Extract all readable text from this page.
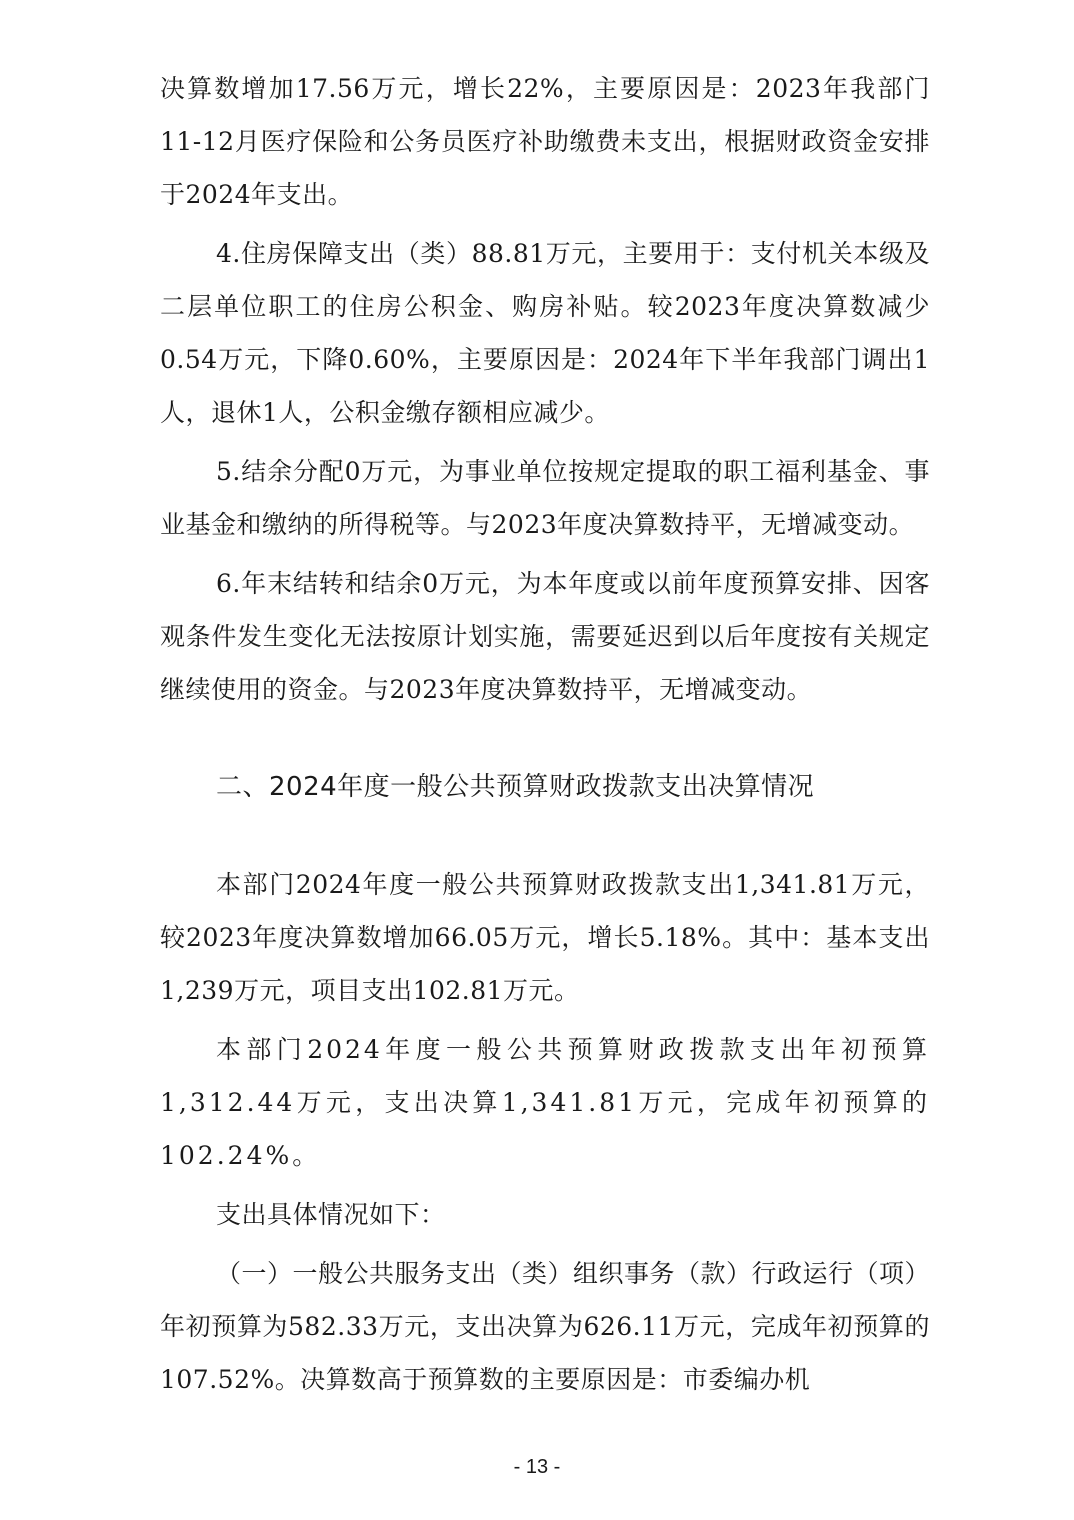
决算数增加17.56万元，增长22%，主要原因是：2023年我部门11-12月医疗保险和公务员医疗补助缴费未支出，根据财政资金安排于2024年支出。

4.住房保障支出（类）88.81万元，主要用于：支付机关本级及二层单位职工的住房公积金、购房补贴。较2023年度决算数减少0.54万元，下降0.60%，主要原因是：2024年下半年我部门调出1人，退休1人，公积金缴存额相应减少。

5.结余分配0万元，为事业单位按规定提取的职工福利基金、事业基金和缴纳的所得税等。与2023年度决算数持平，无增减变动。

6.年末结转和结余0万元，为本年度或以前年度预算安排、因客观条件发生变化无法按原计划实施，需要延迟到以后年度按有关规定继续使用的资金。与2023年度决算数持平，无增减变动。

二、2024年度一般公共预算财政拨款支出决算情况

本部门2024年度一般公共预算财政拨款支出1,341.81万元，较2023年度决算数增加66.05万元，增长5.18%。其中：基本支出1,239万元，项目支出102.81万元。

本部门2024年度一般公共预算财政拨款支出年初预算1,312.44万元，支出决算1,341.81万元，完成年初预算的102.24%。

支出具体情况如下：

（一）一般公共服务支出（类）组织事务（款）行政运行（项）年初预算为582.33万元，支出决算为626.11万元，完成年初预算的107.52%。决算数高于预算数的主要原因是：市委编办机

- 13 -
